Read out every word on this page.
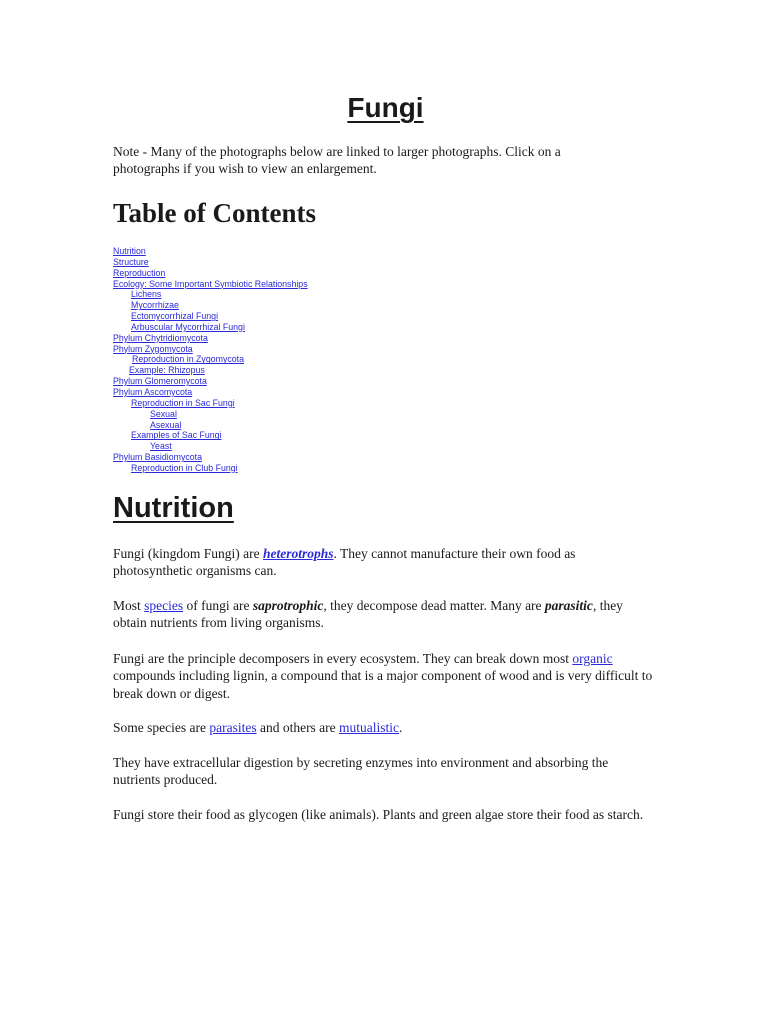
Fungi

Note - Many of the photographs below are linked to larger photographs. Click on a photographs if you wish to view an enlargement.

Table of Contents
Nutrition
Structure
Reproduction
Ecology: Some Important Symbiotic Relationships
Lichens
Mycorrhizae
Ectomycorrhizal Fungi
Arbuscular Mycorrhizal Fungi
Phylum Chytridiomycota
Phylum Zygomycota
Reproduction in Zygomycota
Example: Rhizopus
Phylum Glomeromycota
Phylum Ascomycota
Reproduction in Sac Fungi
Sexual
Asexual
Examples of Sac Fungi
Yeast
Phylum Basidiomycota
Reproduction in Club Fungi
Nutrition

Fungi (kingdom Fungi) are heterotrophs. They cannot manufacture their own food as photosynthetic organisms can.

Most species of fungi are saprotrophic, they decompose dead matter. Many are parasitic, they obtain nutrients from living organisms.

Fungi are the principle decomposers in every ecosystem. They can break down most organic compounds including lignin, a compound that is a major component of wood and is very difficult to break down or digest.

Some species are parasites and others are mutualistic.

They have extracellular digestion by secreting enzymes into environment and absorbing the nutrients produced.

Fungi store their food as glycogen (like animals). Plants and green algae store their food as starch.
